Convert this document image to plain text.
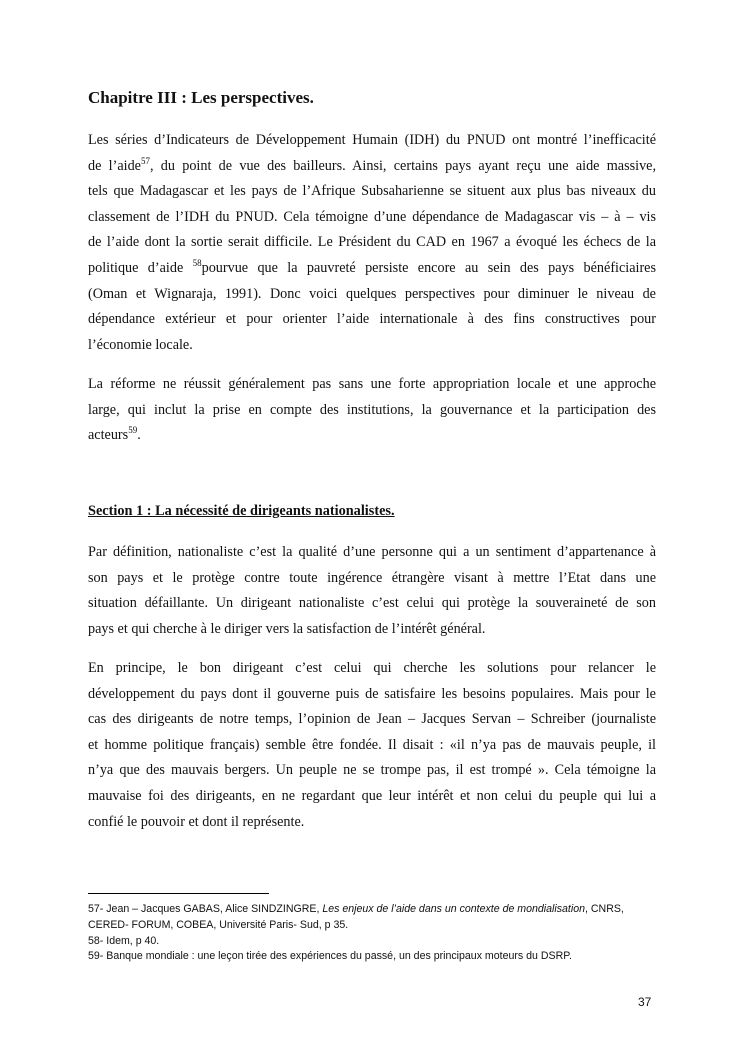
Chapitre III : Les perspectives.
Les séries d’Indicateurs de Développement Humain (IDH) du PNUD ont montré l’inefficacité
de l’aide$^{57}$, du point de vue des bailleurs. Ainsi, certains pays ayant reçu une aide massive,
tels que Madagascar et les pays de l’Afrique Subsaharienne se situent aux plus bas niveaux du
classement de l’IDH du PNUD. Cela témoigne d’une dépendance de Madagascar vis – à – vis
de l’aide dont la sortie serait difficile. Le Président du CAD en 1967 a évoqué les échecs de la
politique d’aide $^{58}$pourvue que la pauvreté persiste encore au sein des pays bénéficiaires
(Oman et Wignaraja, 1991). Donc voici quelques perspectives pour diminuer le niveau de
dépendance extérieur et pour orienter l’aide internationale à des fins constructives pour
l’économie locale.
La réforme ne réussit généralement pas sans une forte appropriation locale et une approche
large, qui inclut la prise en compte des institutions, la gouvernance et la participation des
acteurs$^{59}$.
Section 1 : La nécessité de dirigeants nationalistes.
Par définition, nationaliste c’est la qualité d’une personne qui a un sentiment d’appartenance à
son pays et le protège contre toute ingérence étrangère visant à mettre l’Etat dans une
situation défaillante. Un dirigeant nationaliste c’est celui qui protège la souveraineté de son
pays et qui cherche à le diriger vers la satisfaction de l’intérêt général.
En principe, le bon dirigeant c’est celui qui cherche les solutions pour relancer le
développement du pays dont il gouverne puis de satisfaire les besoins populaires. Mais pour le
cas des dirigeants de notre temps, l’opinion de Jean – Jacques Servan – Schreiber (journaliste
et homme politique français) semble être fondée. Il disait : «il n’ya pas de mauvais peuple, il
n’ya que des mauvais bergers. Un peuple ne se trompe pas, il est trompé ». Cela témoigne la
mauvaise foi des dirigeants, en ne regardant que leur intérêt et non celui du peuple qui lui a
confié le pouvoir et dont il représente.
57- Jean – Jacques GABAS, Alice SINDZINGRE, Les enjeux de l’aide dans un contexte de mondialisation, CNRS,
CERED- FORUM, COBEA, Université Paris- Sud, p 35.
58- Idem, p 40.
59- Banque mondiale : une leçon tirée des expériences du passé, un des principaux moteurs du DSRP.
37
